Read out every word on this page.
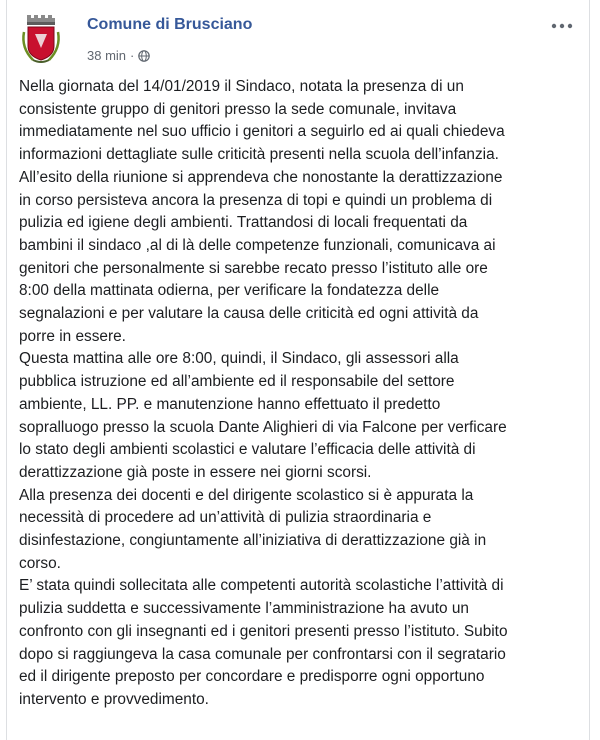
Comune di Brusciano
38 min ·

Nella giornata del 14/01/2019 il Sindaco, notata la presenza di un

consistente gruppo di genitori presso la sede comunale, invitava

immediatamente nel suo ufficio i genitori a seguirlo ed ai quali chiedeva

informazioni dettagliate sulle criticità presenti nella scuola dell’infanzia.

All’esito della riunione si apprendeva che nonostante la derattizzazione

in corso persisteva ancora la presenza di topi e quindi un problema di

pulizia ed igiene degli ambienti. Trattandosi di locali frequentati da

bambini il sindaco ,al di là delle competenze funzionali, comunicava ai

genitori che personalmente si sarebbe recato presso l’istituto alle ore

8:00 della mattinata odierna, per verificare la fondatezza delle

segnalazioni e per valutare la causa delle criticità ed ogni attività da

porre in essere.

Questa mattina alle ore 8:00, quindi, il Sindaco, gli assessori alla

pubblica istruzione ed all’ambiente ed il responsabile del settore

ambiente, LL. PP. e manutenzione hanno effettuato il predetto

sopralluogo presso la scuola Dante Alighieri di via Falcone per verficare

lo stato degli ambienti scolastici e valutare l’efficacia delle attività di

derattizzazione già poste in essere nei giorni scorsi.

Alla presenza dei docenti e del dirigente scolastico si è appurata la

necessità di procedere ad un’attività di pulizia straordinaria e

disinfestazione, congiuntamente all’iniziativa di derattizzazione già in

corso.

E’ stata quindi sollecitata alle competenti autorità scolastiche l’attività di

pulizia suddetta e successivamente l’amministrazione ha avuto un

confronto con gli insegnanti ed i genitori presenti presso l’istituto. Subito

dopo si raggiungeva la casa comunale per confrontarsi con il segratario

ed il dirigente preposto per concordare e predisporre ogni opportuno

intervento e provvedimento.
